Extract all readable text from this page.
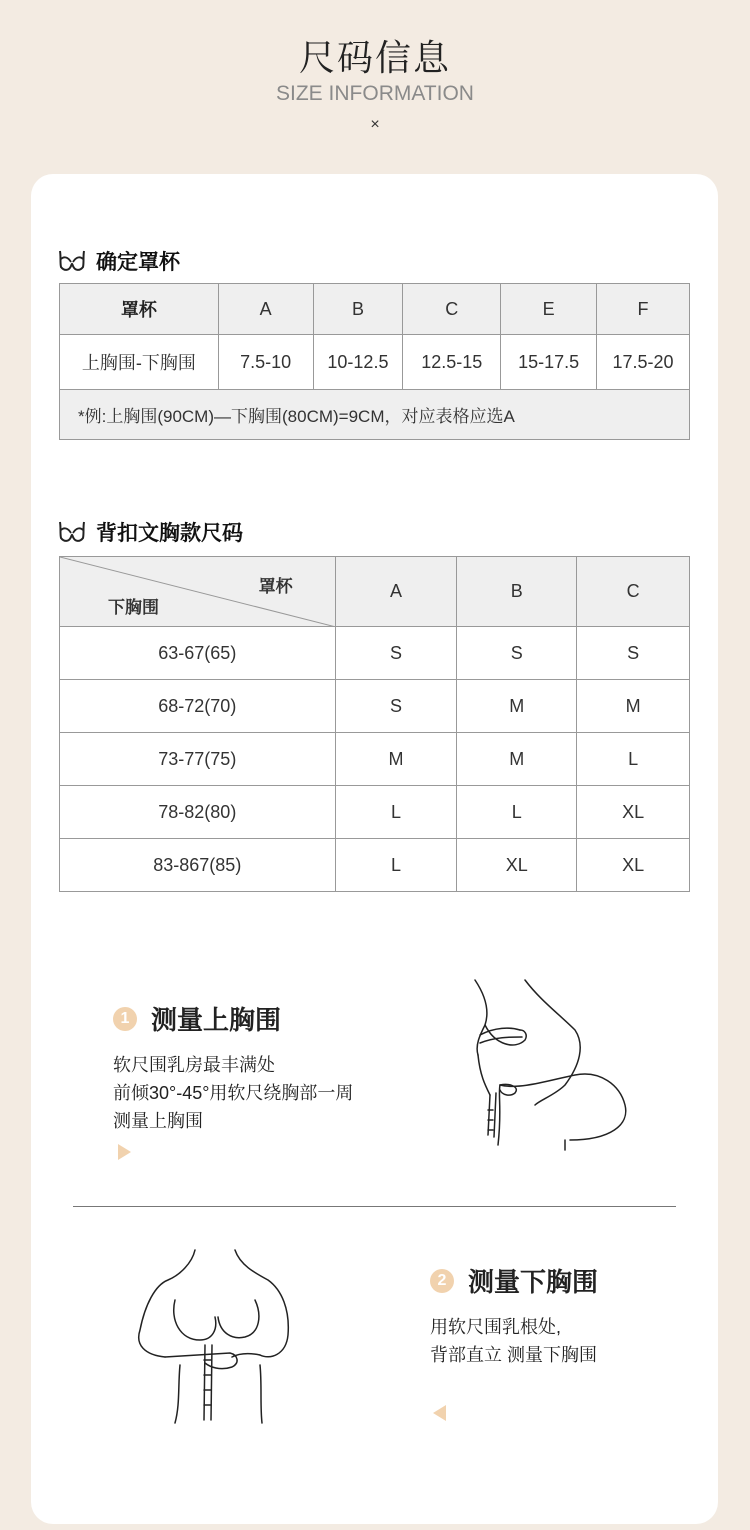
尺码信息
SIZE INFORMATION
×
确定罩杯
罩杯	A	B	C	E	F
上胸围-下胸围	7.5-10	10-12.5	12.5-15	15-17.5	17.5-20
*例:上胸围(90CM)—下胸围(80CM)=9CM，对应表格应选A					
背扣文胸款尺码
罩杯
下胸围	A	B	C
63-67(65)	S	S	S
68-72(70)	S	M	M
73-77(75)	M	M	L
78-82(80)	L	L	XL
83-867(85)	L	XL	XL
1 测量上胸围
软尺围乳房最丰满处
前倾30°-45°用软尺绕胸部一周
测量上胸围
2 测量下胸围
用软尺围乳根处,
背部直立 测量下胸围
